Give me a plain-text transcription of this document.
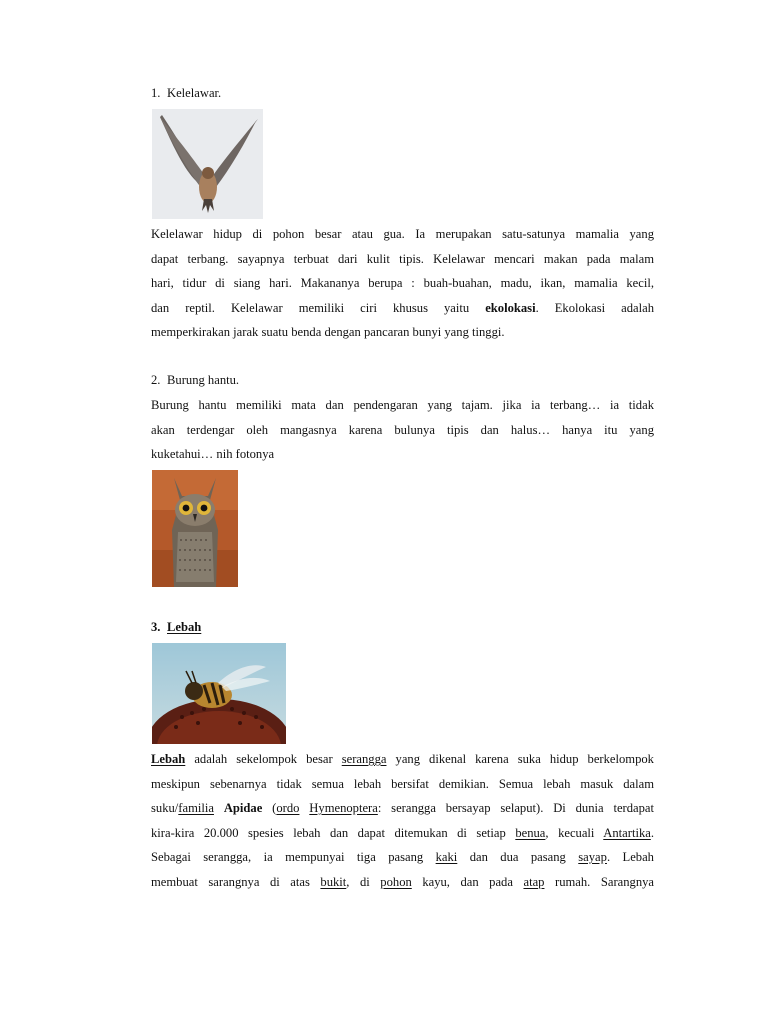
1. Kelelawar.
Kelelawar hidup di pohon besar atau gua. Ia merupakan satu-satunya mamalia yang
dapat terbang. sayapnya terbuat dari kulit tipis. Kelelawar mencari makan pada malam
hari, tidur di siang hari. Makananya berupa : buah-buahan, madu, ikan, mamalia kecil,
dan reptil. Kelelawar memiliki ciri khusus yaitu ekolokasi. Ekolokasi adalah
memperkirakan jarak suatu benda dengan pancaran bunyi yang tinggi.
2. Burung hantu.
Burung hantu memiliki mata dan pendengaran yang tajam. jika ia terbang… ia tidak
akan terdengar oleh mangasnya karena bulunya tipis dan halus… hanya itu yang
kuketahui… nih fotonya
3. Lebah
Lebah adalah sekelompok besar serangga yang dikenal karena suka hidup berkelompok
meskipun sebenarnya tidak semua lebah bersifat demikian. Semua lebah masuk dalam
suku/familia Apidae (ordo Hymenoptera: serangga bersayap selaput). Di dunia terdapat
kira-kira 20.000 spesies lebah dan dapat ditemukan di setiap benua, kecuali Antartika.
Sebagai serangga, ia mempunyai tiga pasang kaki dan dua pasang sayap. Lebah
membuat sarangnya di atas bukit, di pohon kayu, dan pada atap rumah. Sarangnya
